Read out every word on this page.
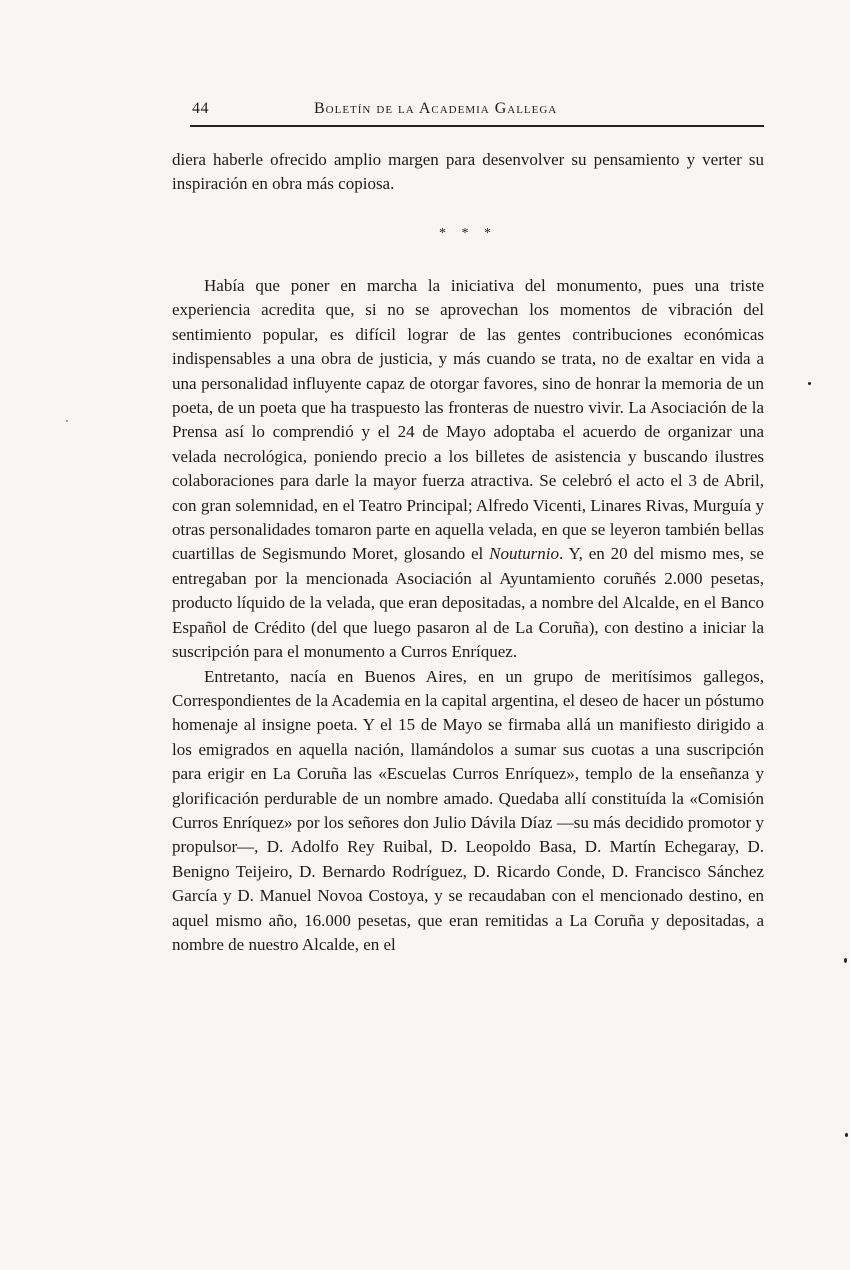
44	Boletín de la Academia Gallega

diera haberle ofrecido amplio margen para desenvolver su pensamiento y verter su inspiración en obra más copiosa.

* * *

Había que poner en marcha la iniciativa del monumento, pues una triste experiencia acredita que, si no se aprovechan los momentos de vibración del sentimiento popular, es difícil lograr de las gentes contribuciones económicas indispensables a una obra de justicia, y más cuando se trata, no de exaltar en vida a una personalidad influyente capaz de otorgar favores, sino de honrar la memoria de un poeta, de un poeta que ha traspuesto las fronteras de nuestro vivir. La Asociación de la Prensa así lo comprendió y el 24 de Mayo adoptaba el acuerdo de organizar una velada necrológica, poniendo precio a los billetes de asistencia y buscando ilustres colaboraciones para darle la mayor fuerza atractiva. Se celebró el acto el 3 de Abril, con gran solemnidad, en el Teatro Principal; Alfredo Vicenti, Linares Rivas, Murguía y otras personalidades tomaron parte en aquella velada, en que se leyeron también bellas cuartillas de Segismundo Moret, glosando el Nouturnio. Y, en 20 del mismo mes, se entregaban por la mencionada Asociación al Ayuntamiento coruñés 2.000 pesetas, producto líquido de la velada, que eran depositadas, a nombre del Alcalde, en el Banco Español de Crédito (del que luego pasaron al de La Coruña), con destino a iniciar la suscripción para el monumento a Curros Enríquez.

Entretanto, nacía en Buenos Aires, en un grupo de meritísimos gallegos, Correspondientes de la Academia en la capital argentina, el deseo de hacer un póstumo homenaje al insigne poeta. Y el 15 de Mayo se firmaba allá un manifiesto dirigido a los emigrados en aquella nación, llamándolos a sumar sus cuotas a una suscripción para erigir en La Coruña las «Escuelas Curros Enríquez», templo de la enseñanza y glorificación perdurable de un nombre amado. Quedaba allí constituída la «Comisión Curros Enríquez» por los señores don Julio Dávila Díaz —su más decidido promotor y propulsor—, D. Adolfo Rey Ruibal, D. Leopoldo Basa, D. Martín Echegaray, D. Benigno Teijeiro, D. Bernardo Rodríguez, D. Ricardo Conde, D. Francisco Sánchez García y D. Manuel Novoa Costoya, y se recaudaban con el mencionado destino, en aquel mismo año, 16.000 pesetas, que eran remitidas a La Coruña y depositadas, a nombre de nuestro Alcalde, en el
